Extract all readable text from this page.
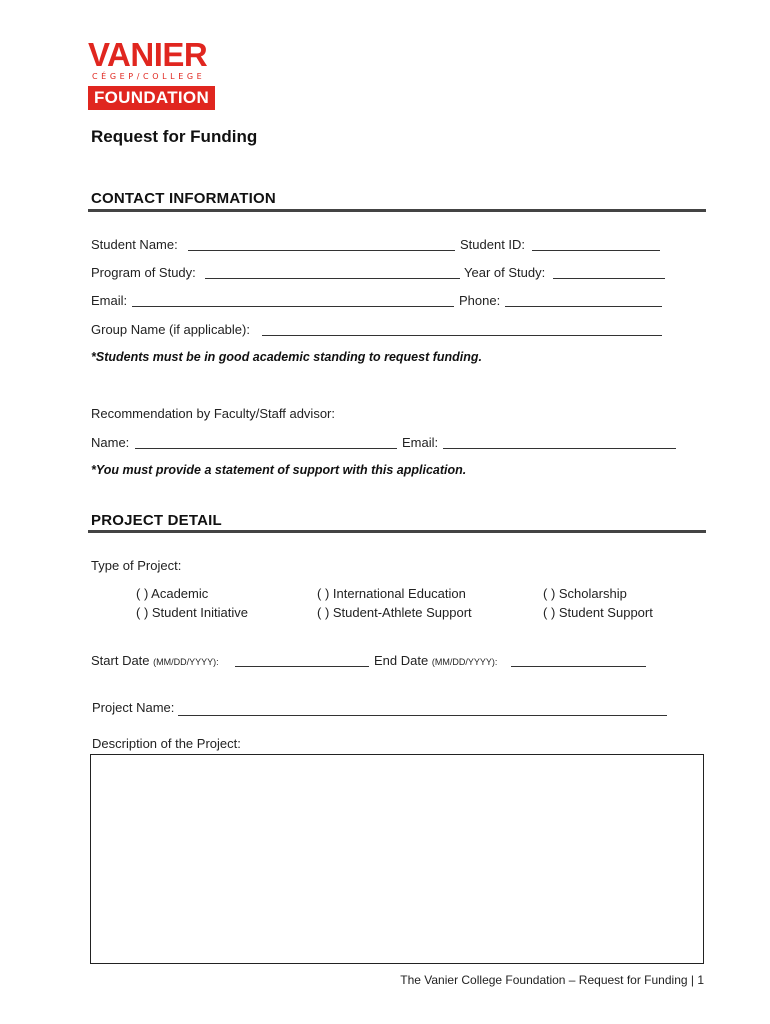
VANIER
CÉGEP/COLLEGE
FOUNDATION
Request for Funding
CONTACT INFORMATION
Student Name:	Student ID:
Program of Study:	Year of Study:
Email:	Phone:
Group Name (if applicable):
*Students must be in good academic standing to request funding.
Recommendation by Faculty/Staff advisor:
Name:	Email:
*You must provide a statement of support with this application.
PROJECT DETAIL
Type of Project:
( ) Academic	( ) International Education	( ) Scholarship
( ) Student Initiative	( ) Student-Athlete Support	( ) Student Support
Start Date (MM/DD/YYYY):	End Date (MM/DD/YYYY):
Project Name:
Description of the Project:
The Vanier College Foundation – Request for Funding | 1
